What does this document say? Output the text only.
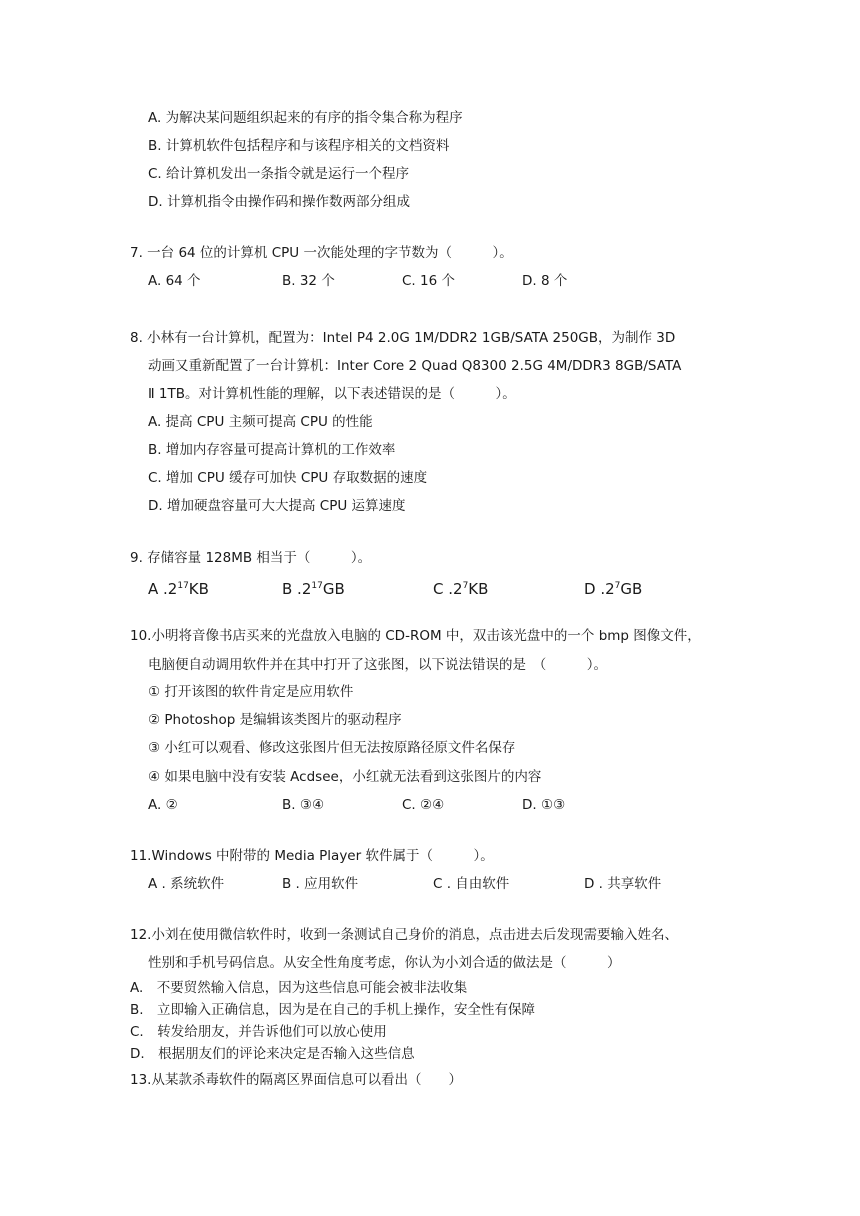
A. 为解决某问题组织起来的有序的指令集合称为程序
B. 计算机软件包括程序和与该程序相关的文档资料
C. 给计算机发出一条指令就是运行一个程序
D. 计算机指令由操作码和操作数两部分组成
7. 一台 64 位的计算机 CPU 一次能处理的字节数为（　　　）。
A. 64 个	B. 32 个	C. 16 个	D. 8 个
8. 小林有一台计算机，配置为：Intel P4 2.0G 1M/DDR2 1GB/SATA 250GB，为制作 3D
动画又重新配置了一台计算机：Inter Core 2 Quad Q8300 2.5G 4M/DDR3 8GB/SATA
Ⅱ 1TB。对计算机性能的理解，以下表述错误的是（　　　）。
A. 提高 CPU 主频可提高 CPU 的性能
B. 增加内存容量可提高计算机的工作效率
C. 增加 CPU 缓存可加快 CPU 存取数据的速度
D. 增加硬盘容量可大大提高 CPU 运算速度
9. 存储容量 128MB 相当于（　　　）。
A $.2^{17}KB$	B $.2^{17}GB$	C $.2^7KB$	D $.2^7GB$
10.小明将音像书店买来的光盘放入电脑的 CD-ROM 中，双击该光盘中的一个 bmp 图像文件，
电脑便自动调用软件并在其中打开了这张图，以下说法错误的是　（　　　）。
① 打开该图的软件肯定是应用软件
② Photoshop 是编辑该类图片的驱动程序
③ 小红可以观看、修改这张图片但无法按原路径原文件名保存
④ 如果电脑中没有安装 Acdsee，小红就无法看到这张图片的内容
A. ②	B. ③④	C. ②④	D. ①③
11.Windows 中附带的 Media Player 软件属于（　　　）。
A . 系统软件	B . 应用软件	C . 自由软件	D . 共享软件
12.小刘在使用微信软件时，收到一条测试自己身价的消息，点击进去后发现需要输入姓名、
性别和手机号码信息。从安全性角度考虑，你认为小刘合适的做法是（　　　）
A.　不要贸然输入信息，因为这些信息可能会被非法收集
B.　立即输入正确信息，因为是在自己的手机上操作，安全性有保障
C.　转发给朋友，并告诉他们可以放心使用
D.　根据朋友们的评论来决定是否输入这些信息
13.从某款杀毒软件的隔离区界面信息可以看出（　　）
